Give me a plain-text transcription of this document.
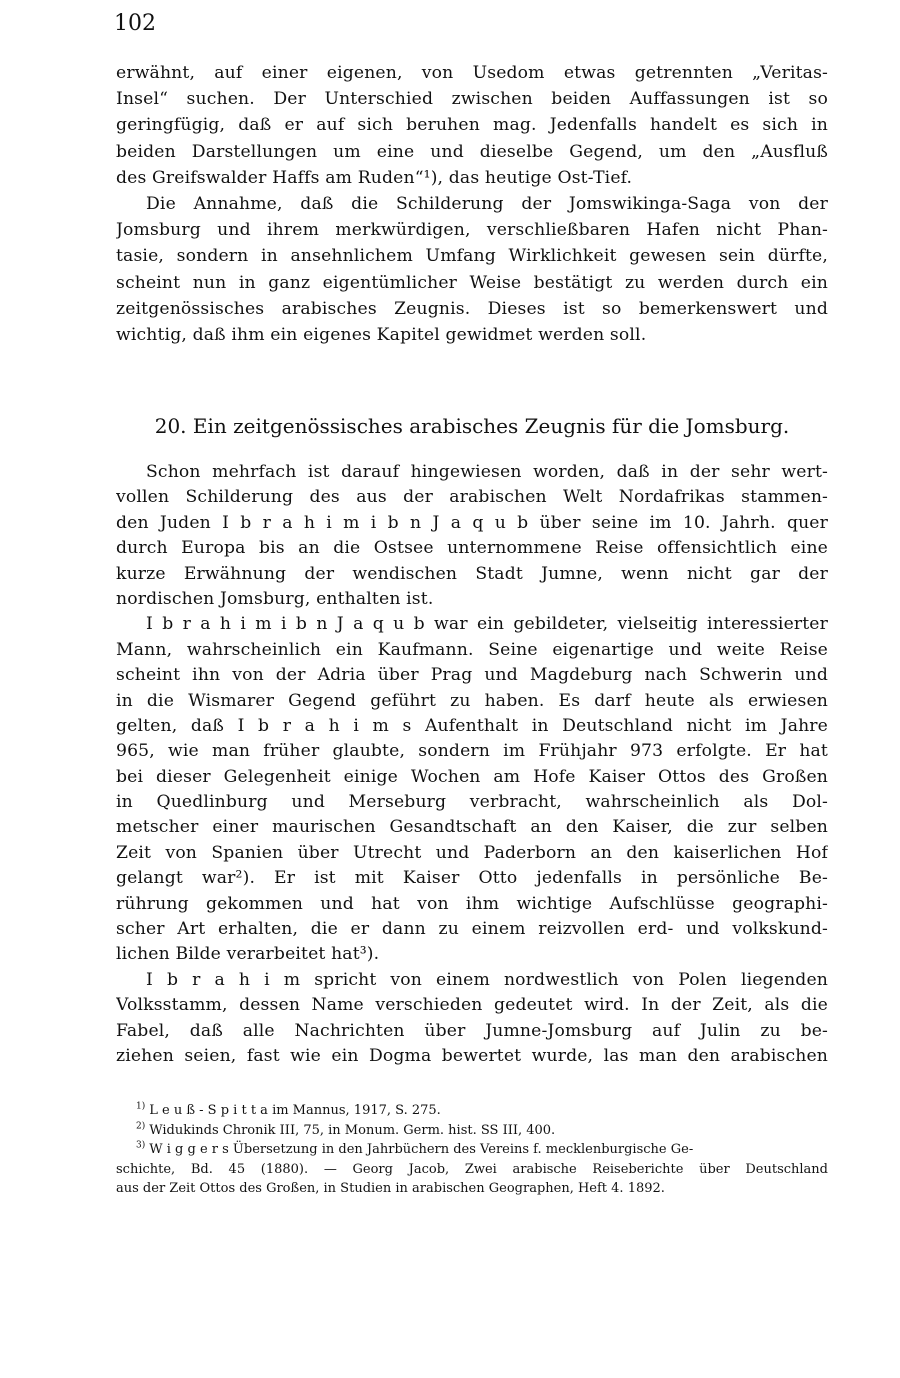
102
erwähnt, auf einer eigenen, von Usedom etwas getrennten „Veritas-
Insel“ suchen. Der Unterschied zwischen beiden Auffassungen ist so
geringfügig, daß er auf sich beruhen mag. Jedenfalls handelt es sich in
beiden Darstellungen um eine und dieselbe Gegend, um den „Ausfluß
des Greifswalder Haffs am Ruden“¹), das heutige Ost-Tief.
Die Annahme, daß die Schilderung der Jomswikinga-Saga von der
Jomsburg und ihrem merkwürdigen, verschließbaren Hafen nicht Phan-
tasie, sondern in ansehnlichem Umfang Wirklichkeit gewesen sein dürfte,
scheint nun in ganz eigentümlicher Weise bestätigt zu werden durch ein
zeitgenössisches arabisches Zeugnis. Dieses ist so bemerkenswert und
wichtig, daß ihm ein eigenes Kapitel gewidmet werden soll.
20. Ein zeitgenössisches arabisches Zeugnis für die Jomsburg.
Schon mehrfach ist darauf hingewiesen worden, daß in der sehr wert-
vollen Schilderung des aus der arabischen Welt Nordafrikas stammen-
den Juden I b r a h i m i b n J a q u b über seine im 10. Jahrh. quer
durch Europa bis an die Ostsee unternommene Reise offensichtlich eine
kurze Erwähnung der wendischen Stadt Jumne, wenn nicht gar der
nordischen Jomsburg, enthalten ist.
I b r a h i m i b n J a q u b war ein gebildeter, vielseitig interessierter
Mann, wahrscheinlich ein Kaufmann. Seine eigenartige und weite Reise
scheint ihn von der Adria über Prag und Magdeburg nach Schwerin und
in die Wismarer Gegend geführt zu haben. Es darf heute als erwiesen
gelten, daß I b r a h i m s Aufenthalt in Deutschland nicht im Jahre
965, wie man früher glaubte, sondern im Frühjahr 973 erfolgte. Er hat
bei dieser Gelegenheit einige Wochen am Hofe Kaiser Ottos des Großen
in Quedlinburg und Merseburg verbracht, wahrscheinlich als Dol-
metscher einer maurischen Gesandtschaft an den Kaiser, die zur selben
Zeit von Spanien über Utrecht und Paderborn an den kaiserlichen Hof
gelangt war²). Er ist mit Kaiser Otto jedenfalls in persönliche Be-
rührung gekommen und hat von ihm wichtige Aufschlüsse geographi-
scher Art erhalten, die er dann zu einem reizvollen erd- und volkskund-
lichen Bilde verarbeitet hat³).
I b r a h i m spricht von einem nordwestlich von Polen liegenden
Volksstamm, dessen Name verschieden gedeutet wird. In der Zeit, als die
Fabel, daß alle Nachrichten über Jumne-Jomsburg auf Julin zu be-
ziehen seien, fast wie ein Dogma bewertet wurde, las man den arabischen
$^{1)}$ L e u ß - S p i t t a im Mannus, 1917, S. 275.
$^{2)}$ Widukinds Chronik III, 75, in Monum. Germ. hist. SS III, 400.
$^{3)}$ W i g g e r s Übersetzung in den Jahrbüchern des Vereins f. mecklenburgische Ge-
schichte, Bd. 45 (1880). — Georg Jacob, Zwei arabische Reiseberichte über Deutschland
aus der Zeit Ottos des Großen, in Studien in arabischen Geographen, Heft 4. 1892.
